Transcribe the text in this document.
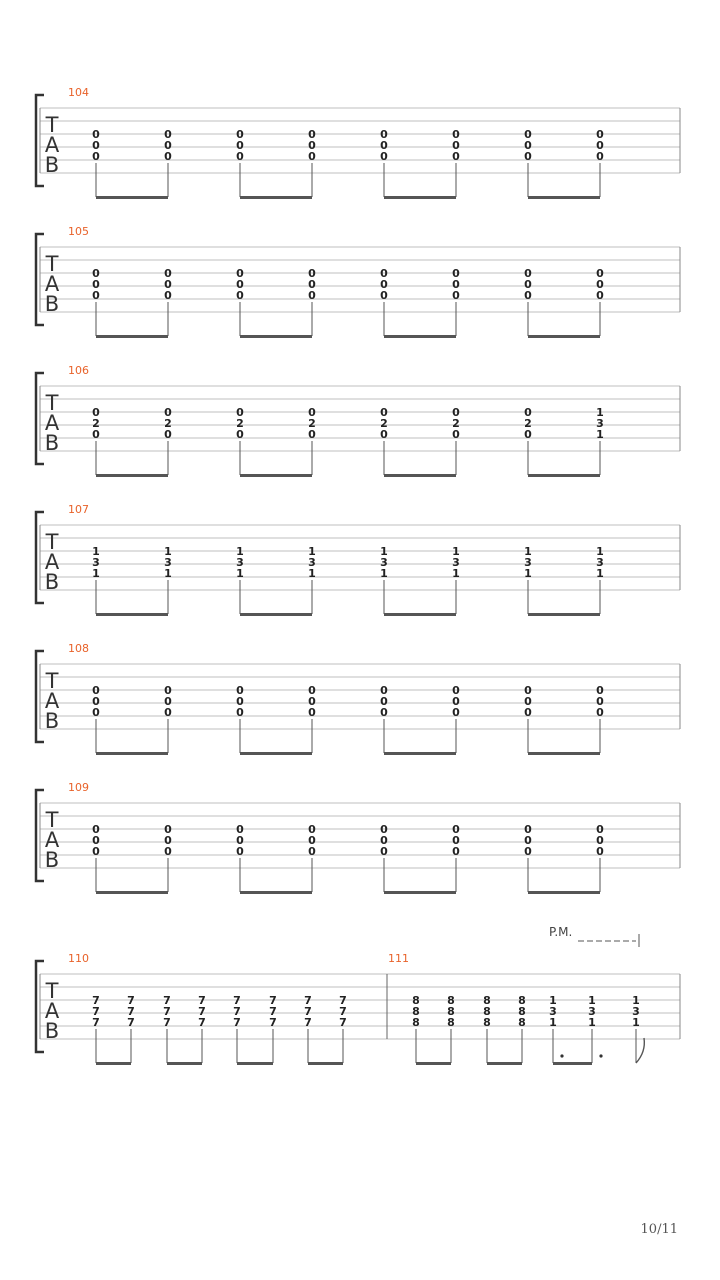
T
A
B
104
0
0
0
0
0
0
0
0
0
0
0
0
0
0
0
0
0
0
0
0
0
0
0
0
T
A
B
105
0
0
0
0
0
0
0
0
0
0
0
0
0
0
0
0
0
0
0
0
0
0
0
0
T
A
B
106
0
2
0
0
2
0
0
2
0
0
2
0
0
2
0
0
2
0
0
2
0
1
3
1
T
A
B
107
1
3
1
1
3
1
1
3
1
1
3
1
1
3
1
1
3
1
1
3
1
1
3
1
T
A
B
108
0
0
0
0
0
0
0
0
0
0
0
0
0
0
0
0
0
0
0
0
0
0
0
0
T
A
B
109
0
0
0
0
0
0
0
0
0
0
0
0
0
0
0
0
0
0
0
0
0
0
0
0
T
A
B
110
7
7
7
7
7
7
7
7
7
7
7
7
7
7
7
7
7
7
7
7
7
7
7
7
111
8
8
8
8
8
8
8
8
8
8
8
8
1
3
1
1
3
1
1
3
1
P.M.
10/11
